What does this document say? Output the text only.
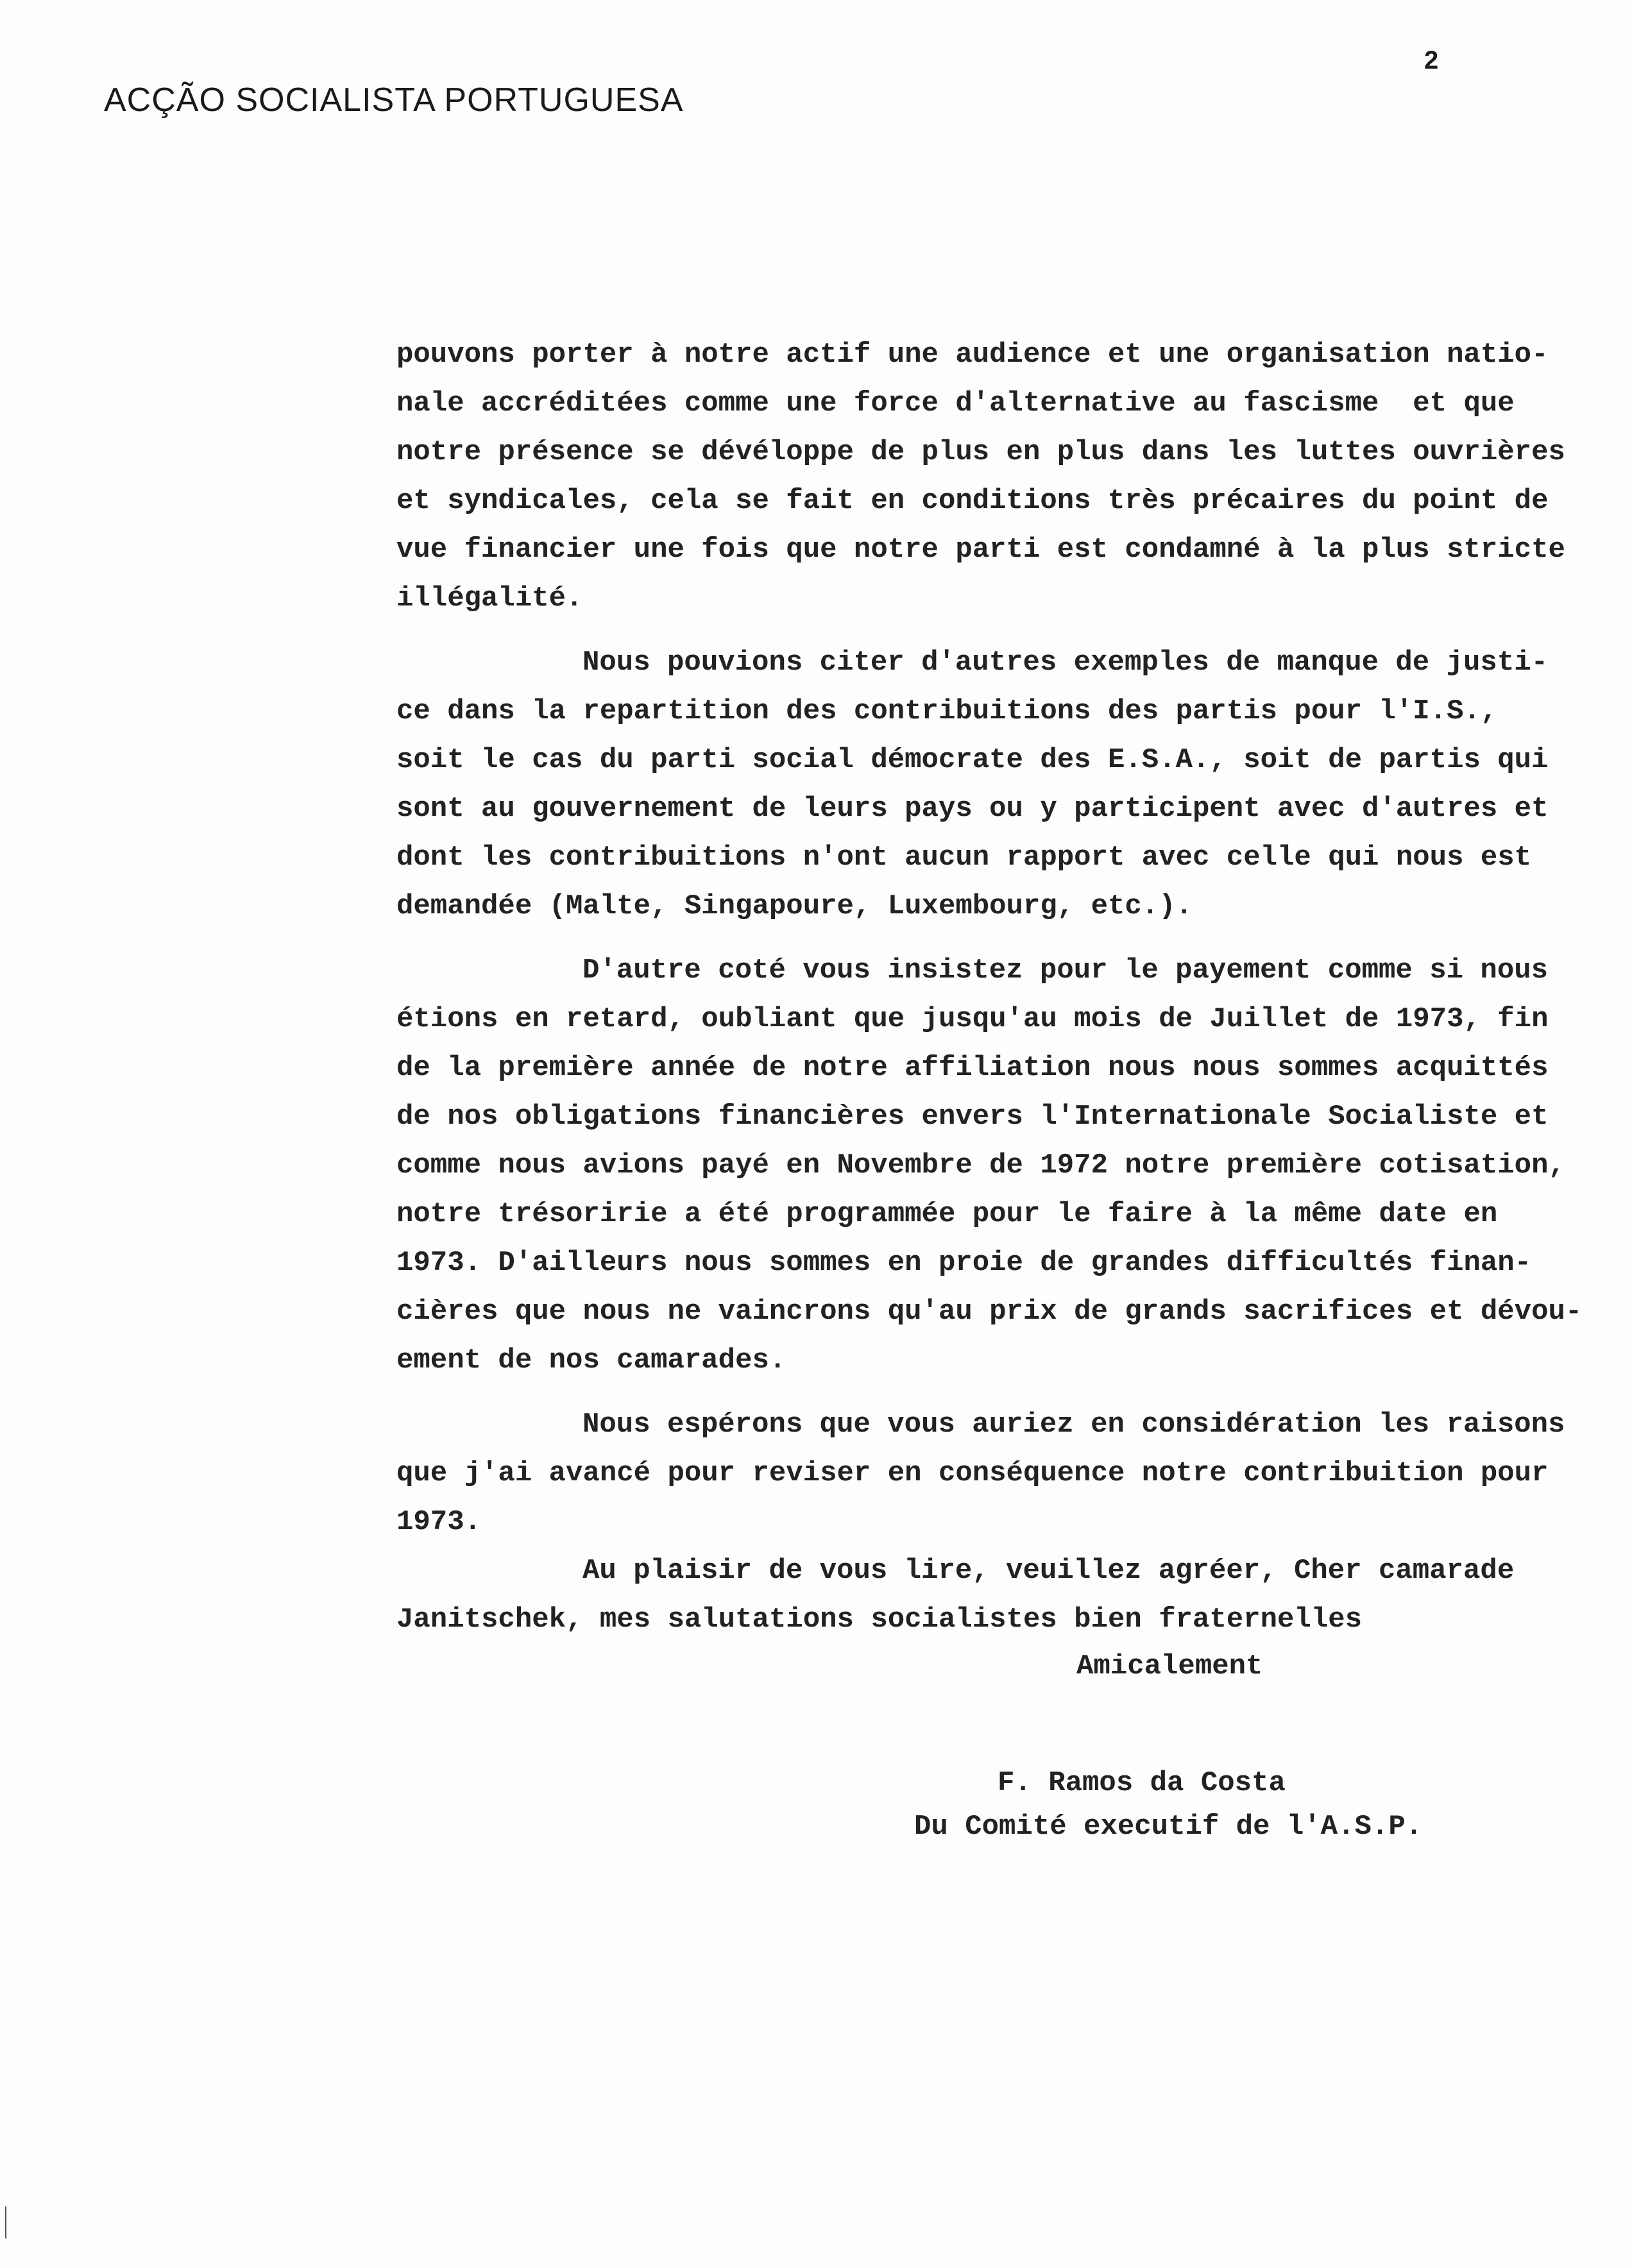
ACÇÃO SOCIALISTA PORTUGUESA
2
pouvons porter à notre actif une audience et une organisation natio-
nale accréditées comme une force d'alternative au fascisme  et que
notre présence se dévéloppe de plus en plus dans les luttes ouvrières
et syndicales, cela se fait en conditions très précaires du point de
vue financier une fois que notre parti est condamné à la plus stricte
illégalité.
Nous pouvions citer d'autres exemples de manque de justi-
ce dans la repartition des contribuitions des partis pour l'I.S.,
soit le cas du parti social démocrate des E.S.A., soit de partis qui
sont au gouvernement de leurs pays ou y participent avec d'autres et
dont les contribuitions n'ont aucun rapport avec celle qui nous est
demandée (Malte, Singapoure, Luxembourg, etc.).
D'autre coté vous insistez pour le payement comme si nous
étions en retard, oubliant que jusqu'au mois de Juillet de 1973, fin
de la première année de notre affiliation nous nous sommes acquittés
de nos obligations financières envers l'Internationale Socialiste et
comme nous avions payé en Novembre de 1972 notre première cotisation,
notre trésoririe a été programmée pour le faire à la même date en
1973. D'ailleurs nous sommes en proie de grandes difficultés finan-
cières que nous ne vaincrons qu'au prix de grands sacrifices et dévou-
ement de nos camarades.
Nous espérons que vous auriez en considération les raisons
que j'ai avancé pour reviser en conséquence notre contribuition pour
1973.
Au plaisir de vous lire, veuillez agréer, Cher camarade
Janitschek, mes salutations socialistes bien fraternelles
Amicalement
F. Ramos da Costa
Du Comité executif de l'A.S.P.
